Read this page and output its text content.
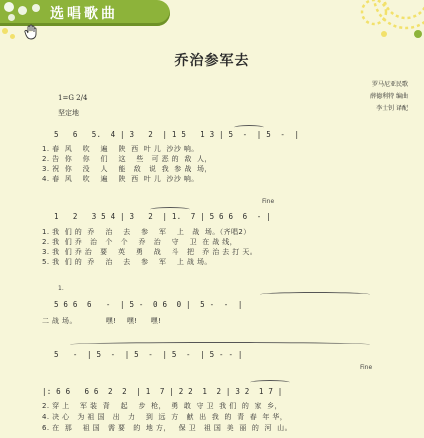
选唱歌曲
乔治参军去
罗马尼亚民歌
薛德利特 编曲
李士钊 译配
1=G 2/4
坚定地
5   6   5.  4 | 3   2  | 1 5   1 3 | 5  -  | 5  -  |
1. 春  风    吹    遍    陕  西  叶 儿  沙沙 响。
2. 告  你    你    们    这    些   可 恶 的  敌  人，
3. 祝  你    没    人    能   敌   说  我  参 战  场，
4. 春  风    吹    遍    陕  西  叶 儿  沙沙 响。
Fine
1   2   3 5 4 | 3   2  | 1.  7 | 5 6 6  6  - |
1. 我  们 的  乔    治    去    参    军    上   战  场。（齐唱2）
2. 我  们 乔   治   个   个    乔   治    守    卫  在 战 线，
3. 我  们 乔 治   要    英    勇    战    斗   把   乔 治 去 打 天。
5. 我  们 的  乔    治    去    参    军    上 战 场。
1.
5 6 6  6   -  | 5 -  0 6  0 |  5 -  -  |
二 战 场。           嘿!    嘿!     嘿!
5   -  | 5  -  | 5  -  | 5  -  | 5 - - |
Fine
|: 6 6   6 6  2  2  | 1  7 | 2 2  1  2 | 3 2  1 7 |
2. 穿 上    军 装  背    起    步  枪，  勇  敢  守 卫  我 们  的  家  乡，
4. 决 心   为 祖 国   出   力    到  远  方   献  出  我  的  青  春  年 华，
6. 在  那    祖 国   需 要   的  地 方，   保 卫   祖 国  美  丽  的  河  山。
